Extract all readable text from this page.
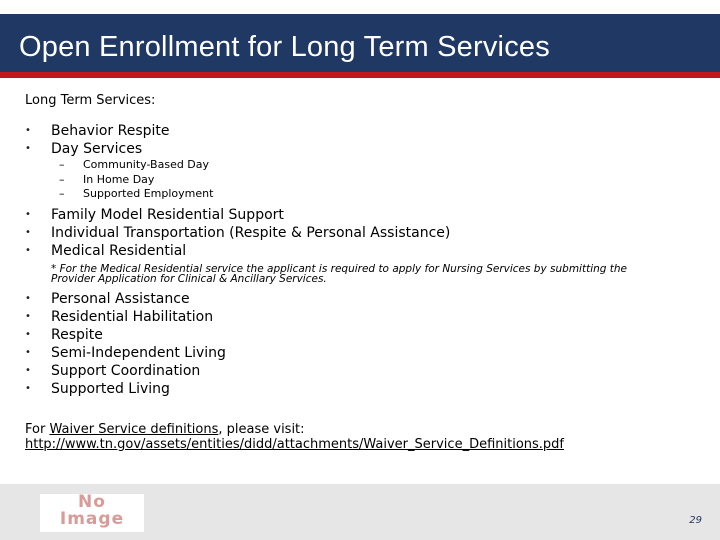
Open Enrollment for Long Term Services
Long Term Services:
• Behavior Respite
• Day Services
– Community-Based Day
– In Home Day
– Supported Employment
• Family Model Residential Support
• Individual Transportation (Respite & Personal Assistance)
• Medical Residential
* For the Medical Residential service the applicant is required to apply for Nursing Services by submitting the
Provider Application for Clinical & Ancillary Services.
• Personal Assistance
• Residential Habilitation
• Respite
• Semi-Independent Living
• Support Coordination
• Supported Living
For Waiver Service definitions, please visit:
http://www.tn.gov/assets/entities/didd/attachments/Waiver_Service_Definitions.pdf
No
Image	29
